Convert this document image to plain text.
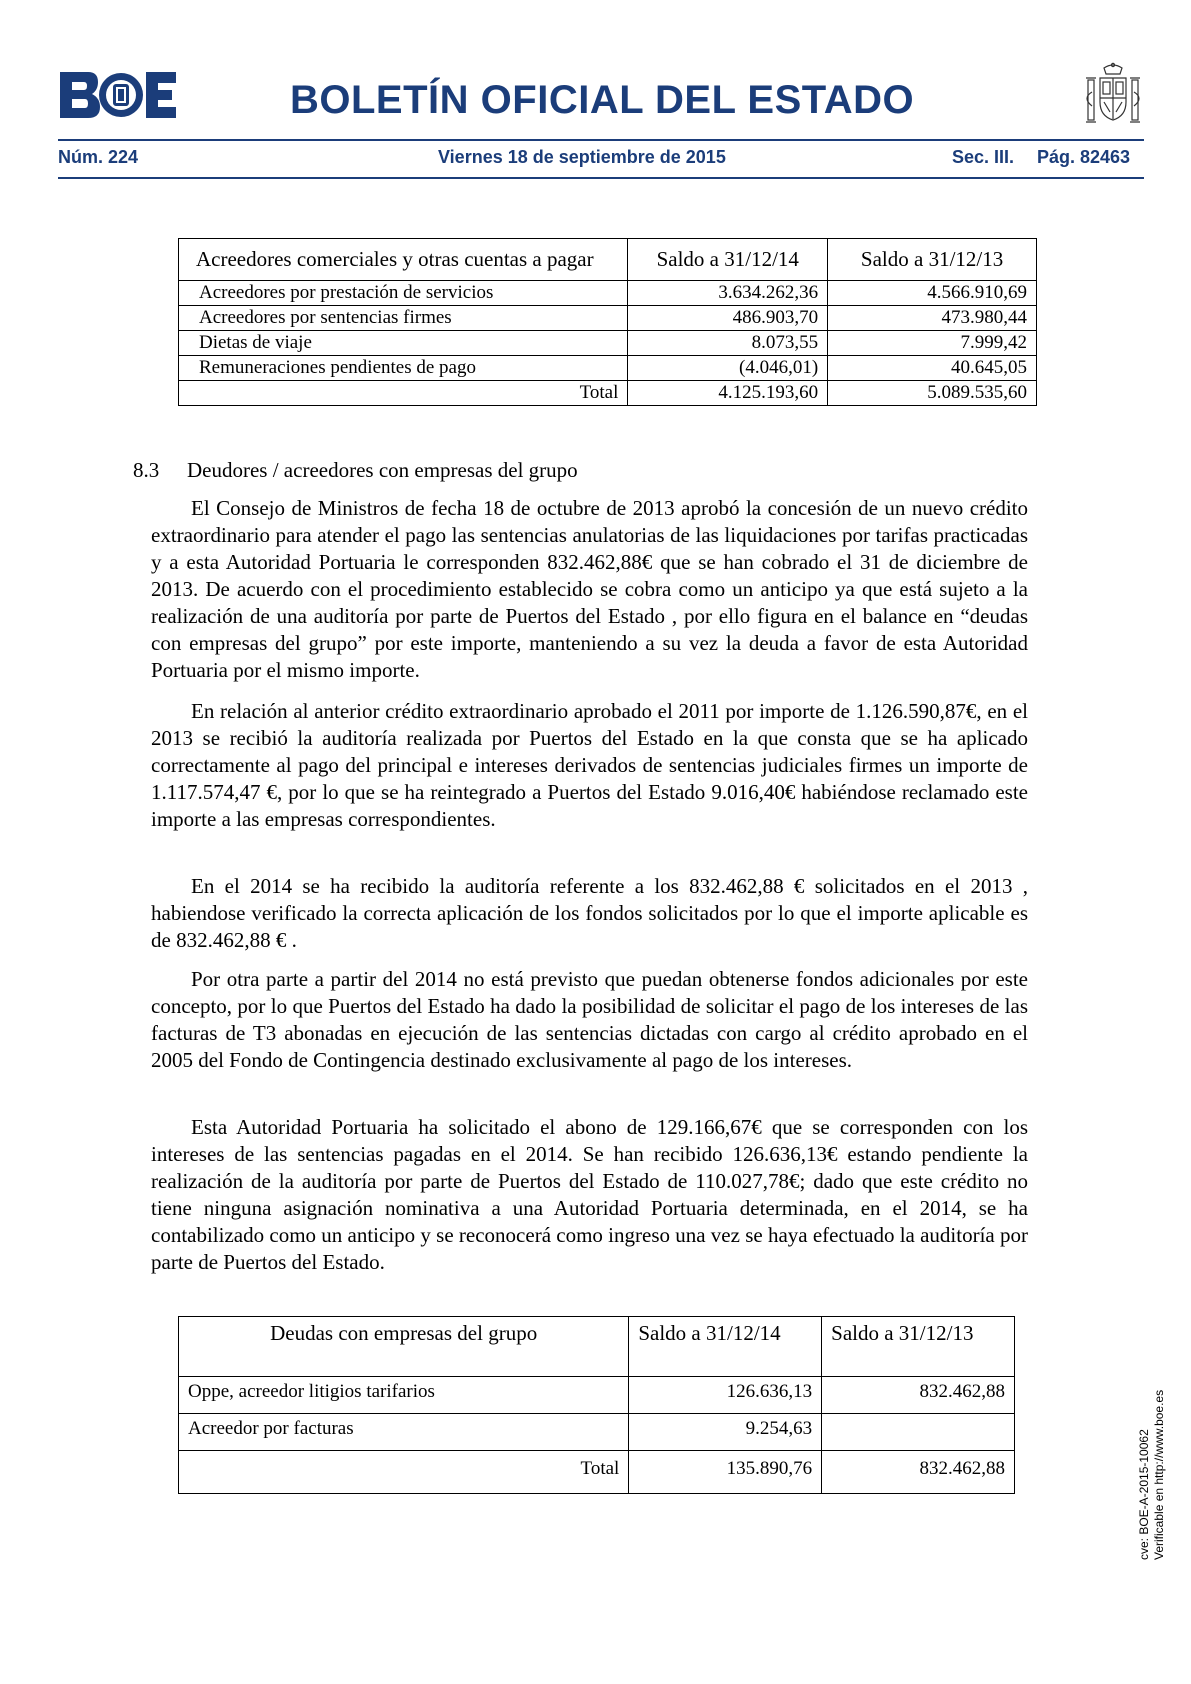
BOLETÍN OFICIAL DEL ESTADO
Núm. 224	Viernes 18 de septiembre de 2015	Sec. III. Pág. 82463
Acreedores comerciales y otras cuentas a pagar	Saldo a 31/12/14	Saldo a 31/12/13
Acreedores por prestación de servicios	3.634.262,36	4.566.910,69
Acreedores por sentencias firmes	486.903,70	473.980,44
Dietas de viaje	8.073,55	7.999,42
Remuneraciones pendientes de pago	(4.046,01)	40.645,05
Total	4.125.193,60	5.089.535,60
8.3 Deudores / acreedores con empresas del grupo

El Consejo de Ministros de fecha 18 de octubre de 2013 aprobó la concesión de un nuevo crédito extraordinario para atender el pago las sentencias anulatorias de las liquidaciones por tarifas practicadas y a esta Autoridad Portuaria le corresponden 832.462,88€ que se han cobrado el 31 de diciembre de 2013. De acuerdo con el procedimiento establecido se cobra como un anticipo ya que está sujeto a la realización de una auditoría por parte de Puertos del Estado , por ello figura en el balance en “deudas con empresas del grupo” por este importe, manteniendo a su vez la deuda a favor de esta Autoridad Portuaria por el mismo importe.

En relación al anterior crédito extraordinario aprobado el 2011 por importe de 1.126.590,87€, en el 2013 se recibió la auditoría realizada por Puertos del Estado en la que consta que se ha aplicado correctamente al pago del principal e intereses derivados de sentencias judiciales firmes un importe de 1.117.574,47 €, por lo que se ha reintegrado a Puertos del Estado 9.016,40€ habiéndose reclamado este importe a las empresas correspondientes.

En el 2014 se ha recibido la auditoría referente a los 832.462,88 € solicitados en el 2013 , habiendose verificado la correcta aplicación de los fondos solicitados por lo que el importe aplicable es de 832.462,88 € .

Por otra parte a partir del 2014 no está previsto que puedan obtenerse fondos adicionales por este concepto, por lo que Puertos del Estado ha dado la posibilidad de solicitar el pago de los intereses de las facturas de T3 abonadas en ejecución de las sentencias dictadas con cargo al crédito aprobado en el 2005 del Fondo de Contingencia destinado exclusivamente al pago de los intereses.

Esta Autoridad Portuaria ha solicitado el abono de 129.166,67€ que se corresponden con los intereses de las sentencias pagadas en el 2014. Se han recibido 126.636,13€ estando pendiente la realización de la auditoría por parte de Puertos del Estado de 110.027,78€; dado que este crédito no tiene ninguna asignación nominativa a una Autoridad Portuaria determinada, en el 2014, se ha contabilizado como un anticipo y se reconocerá como ingreso una vez se haya efectuado la auditoría por parte de Puertos del Estado.

Deudas con empresas del grupo	Saldo a 31/12/14	Saldo a 31/12/13
Oppe, acreedor litigios tarifarios	126.636,13	832.462,88
Acreedor por facturas	9.254,63	
Total	135.890,76	832.462,88	cve: BOE-A-2015-10062 Verificable en http://www.boe.es
